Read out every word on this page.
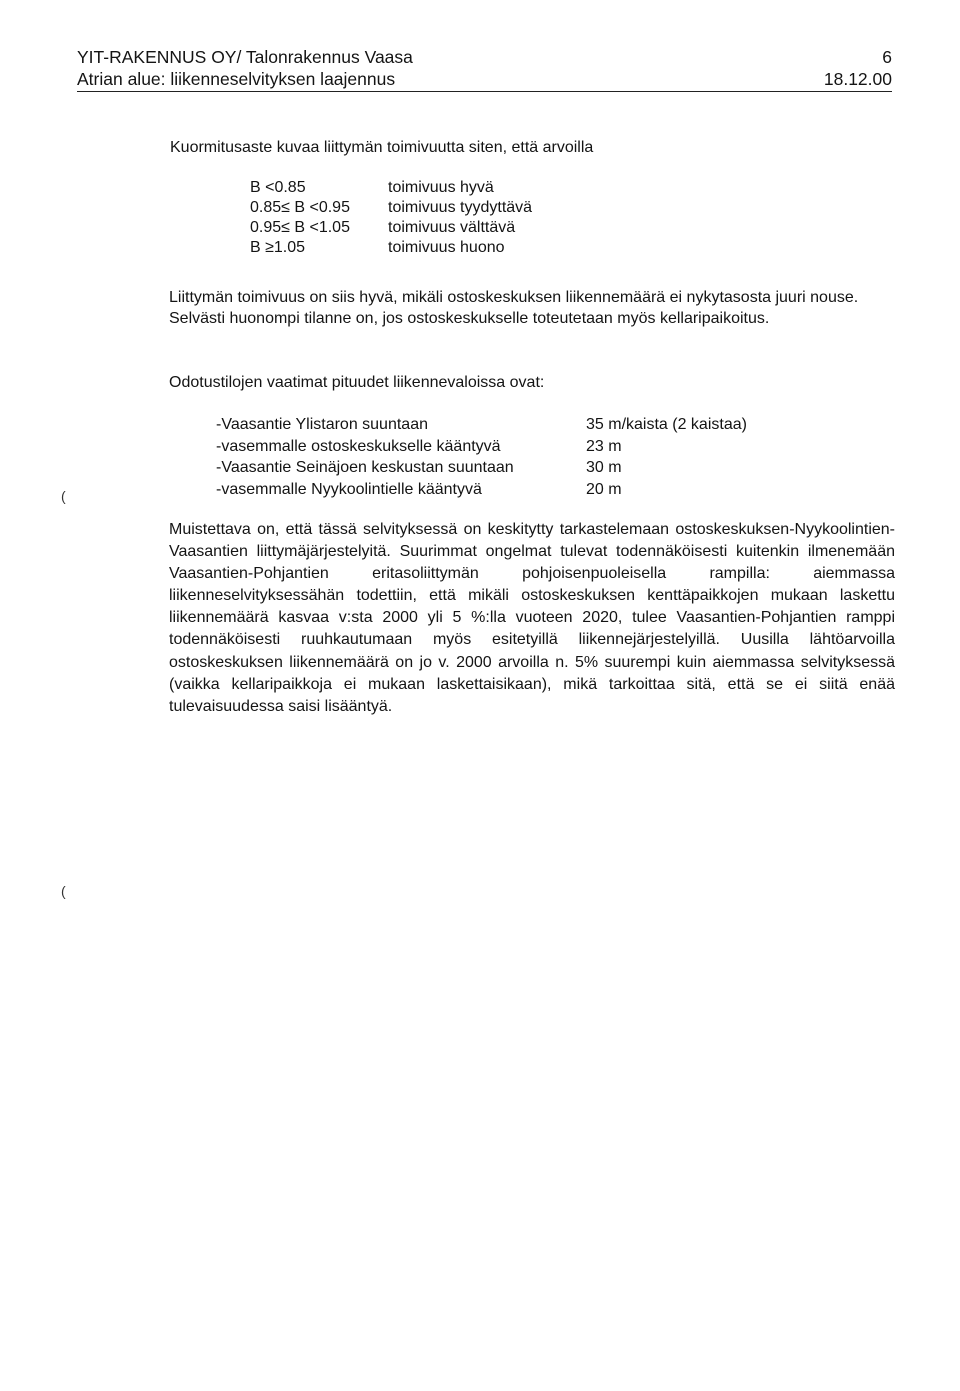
YIT-RAKENNUS OY/ Talonrakennus Vaasa	6
Atrian alue: liikenneselvityksen laajennus	18.12.00
Kuormitusaste kuvaa liittymän toimivuutta siten, että arvoilla
B <0.85	toimivuus hyvä
0.85≤ B <0.95	toimivuus tyydyttävä
0.95≤ B <1.05	toimivuus välttävä
B ≥1.05	toimivuus huono

Liittymän toimivuus on siis hyvä, mikäli ostoskeskuksen liikennemäärä ei nykytasosta juuri nouse. Selvästi huonompi tilanne on, jos ostoskeskukselle toteutetaan myös kellaripaikoitus.

Odotustilojen vaatimat pituudet liikennevaloissa ovat:

-Vaasantie Ylistaron suuntaan	35 m/kaista (2 kaistaa)
-vasemmalle ostoskeskukselle kääntyvä	23 m
-Vaasantie Seinäjoen keskustan suuntaan	30 m
-vasemmalle Nyykoolintielle kääntyvä	20 m

Muistettava on, että tässä selvityksessä on keskitytty tarkastelemaan ostoskeskuksen-Nyykoolintien-Vaasantien liittymäjärjestelyitä. Suurimmat ongelmat tulevat todennäköisesti kuitenkin ilmenemään Vaasantien-Pohjantien eritasoliittymän pohjoisenpuoleisella rampilla: aiemmassa liikenneselvityksessähän todettiin, että mikäli ostoskeskuksen kenttäpaikkojen mukaan laskettu liikennemäärä kasvaa v:sta 2000 yli 5 %:lla vuoteen 2020, tulee Vaasantien-Pohjantien ramppi todennäköisesti ruuhkautumaan myös esitetyillä liikennejärjestelyillä. Uusilla lähtöarvoilla ostoskeskuksen liikennemäärä on jo v. 2000 arvoilla n. 5% suurempi kuin aiemmassa selvityksessä (vaikka kellaripaikkoja ei mukaan laskettaisikaan), mikä tarkoittaa sitä, että se ei siitä enää tulevaisuudessa saisi lisääntyä.

(
(
